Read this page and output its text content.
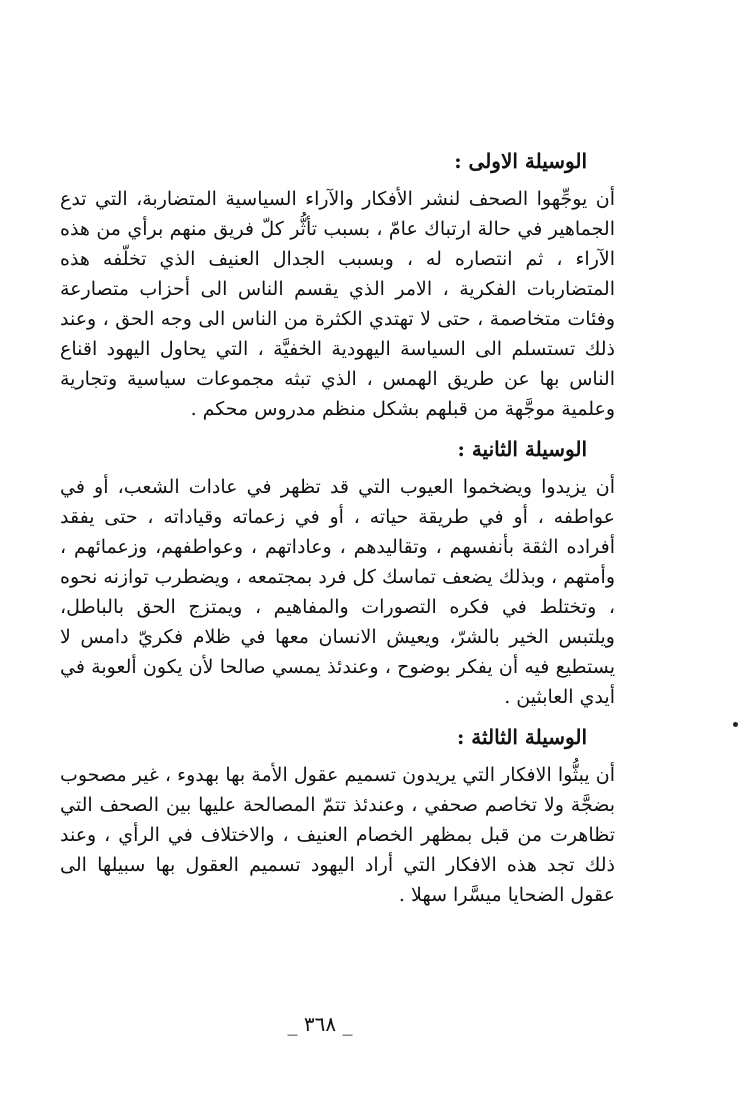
الوسيلة الاولى :

أن يوجِّهوا الصحف لنشر الأفكار والآراء السياسية المتضاربة، التي تدع الجماهير في حالة ارتباك عامّ ، بسبب تأثُّر كلّ فريق منهم برأي من هذه الآراء ، ثم انتصاره له ، وبسبب الجدال العنيف الذي تخلّفه هذه المتضاربات الفكرية ، الامر الذي يقسم الناس الى أحزاب متصارعة وفئات متخاصمة ، حتى لا تهتدي الكثرة من الناس الى وجه الحق ، وعند ذلك تستسلم الى السياسة اليهودية الخفيَّة ، التي يحاول اليهود اقناع الناس بها عن طريق الهمس ، الذي تبثه مجموعات سياسية وتجارية وعلمية موجَّهة من قبلهم بشكل منظم مدروس محكم .

الوسيلة الثانية :

أن يزيدوا ويضخموا العيوب التي قد تظهر في عادات الشعب، أو في عواطفه ، أو في طريقة حياته ، أو في زعماته وقياداته ، حتى يفقد أفراده الثقة بأنفسهم ، وتقاليدهم ، وعاداتهم ، وعواطفهم، وزعمائهم ، وأمتهم ، وبذلك يضعف تماسك كل فرد بمجتمعه ، ويضطرب توازنه نحوه ، وتختلط في فكره التصورات والمفاهيم ، ويمتزج الحق بالباطل، ويلتبس الخير بالشرّ، ويعيش الانسان معها في ظلام فكريّ دامس لا يستطيع فيه أن يفكر بوضوح ، وعندئذ يمسي صالحا لأن يكون ألعوبة في أيدي العابثين .

الوسيلة الثالثة :

أن يبثُّوا الافكار التي يريدون تسميم عقول الأمة بها بهدوء ، غير مصحوب بضجَّة ولا تخاصم صحفي ، وعندئذ تتمّ المصالحة عليها بين الصحف التي تظاهرت من قبل بمظهر الخصام العنيف ، والاختلاف في الرأي ، وعند ذلك تجد هذه الافكار التي أراد اليهود تسميم العقول بها سبيلها الى عقول الضحايا ميسَّرا سهلا .

_ ٣٦٨ _
